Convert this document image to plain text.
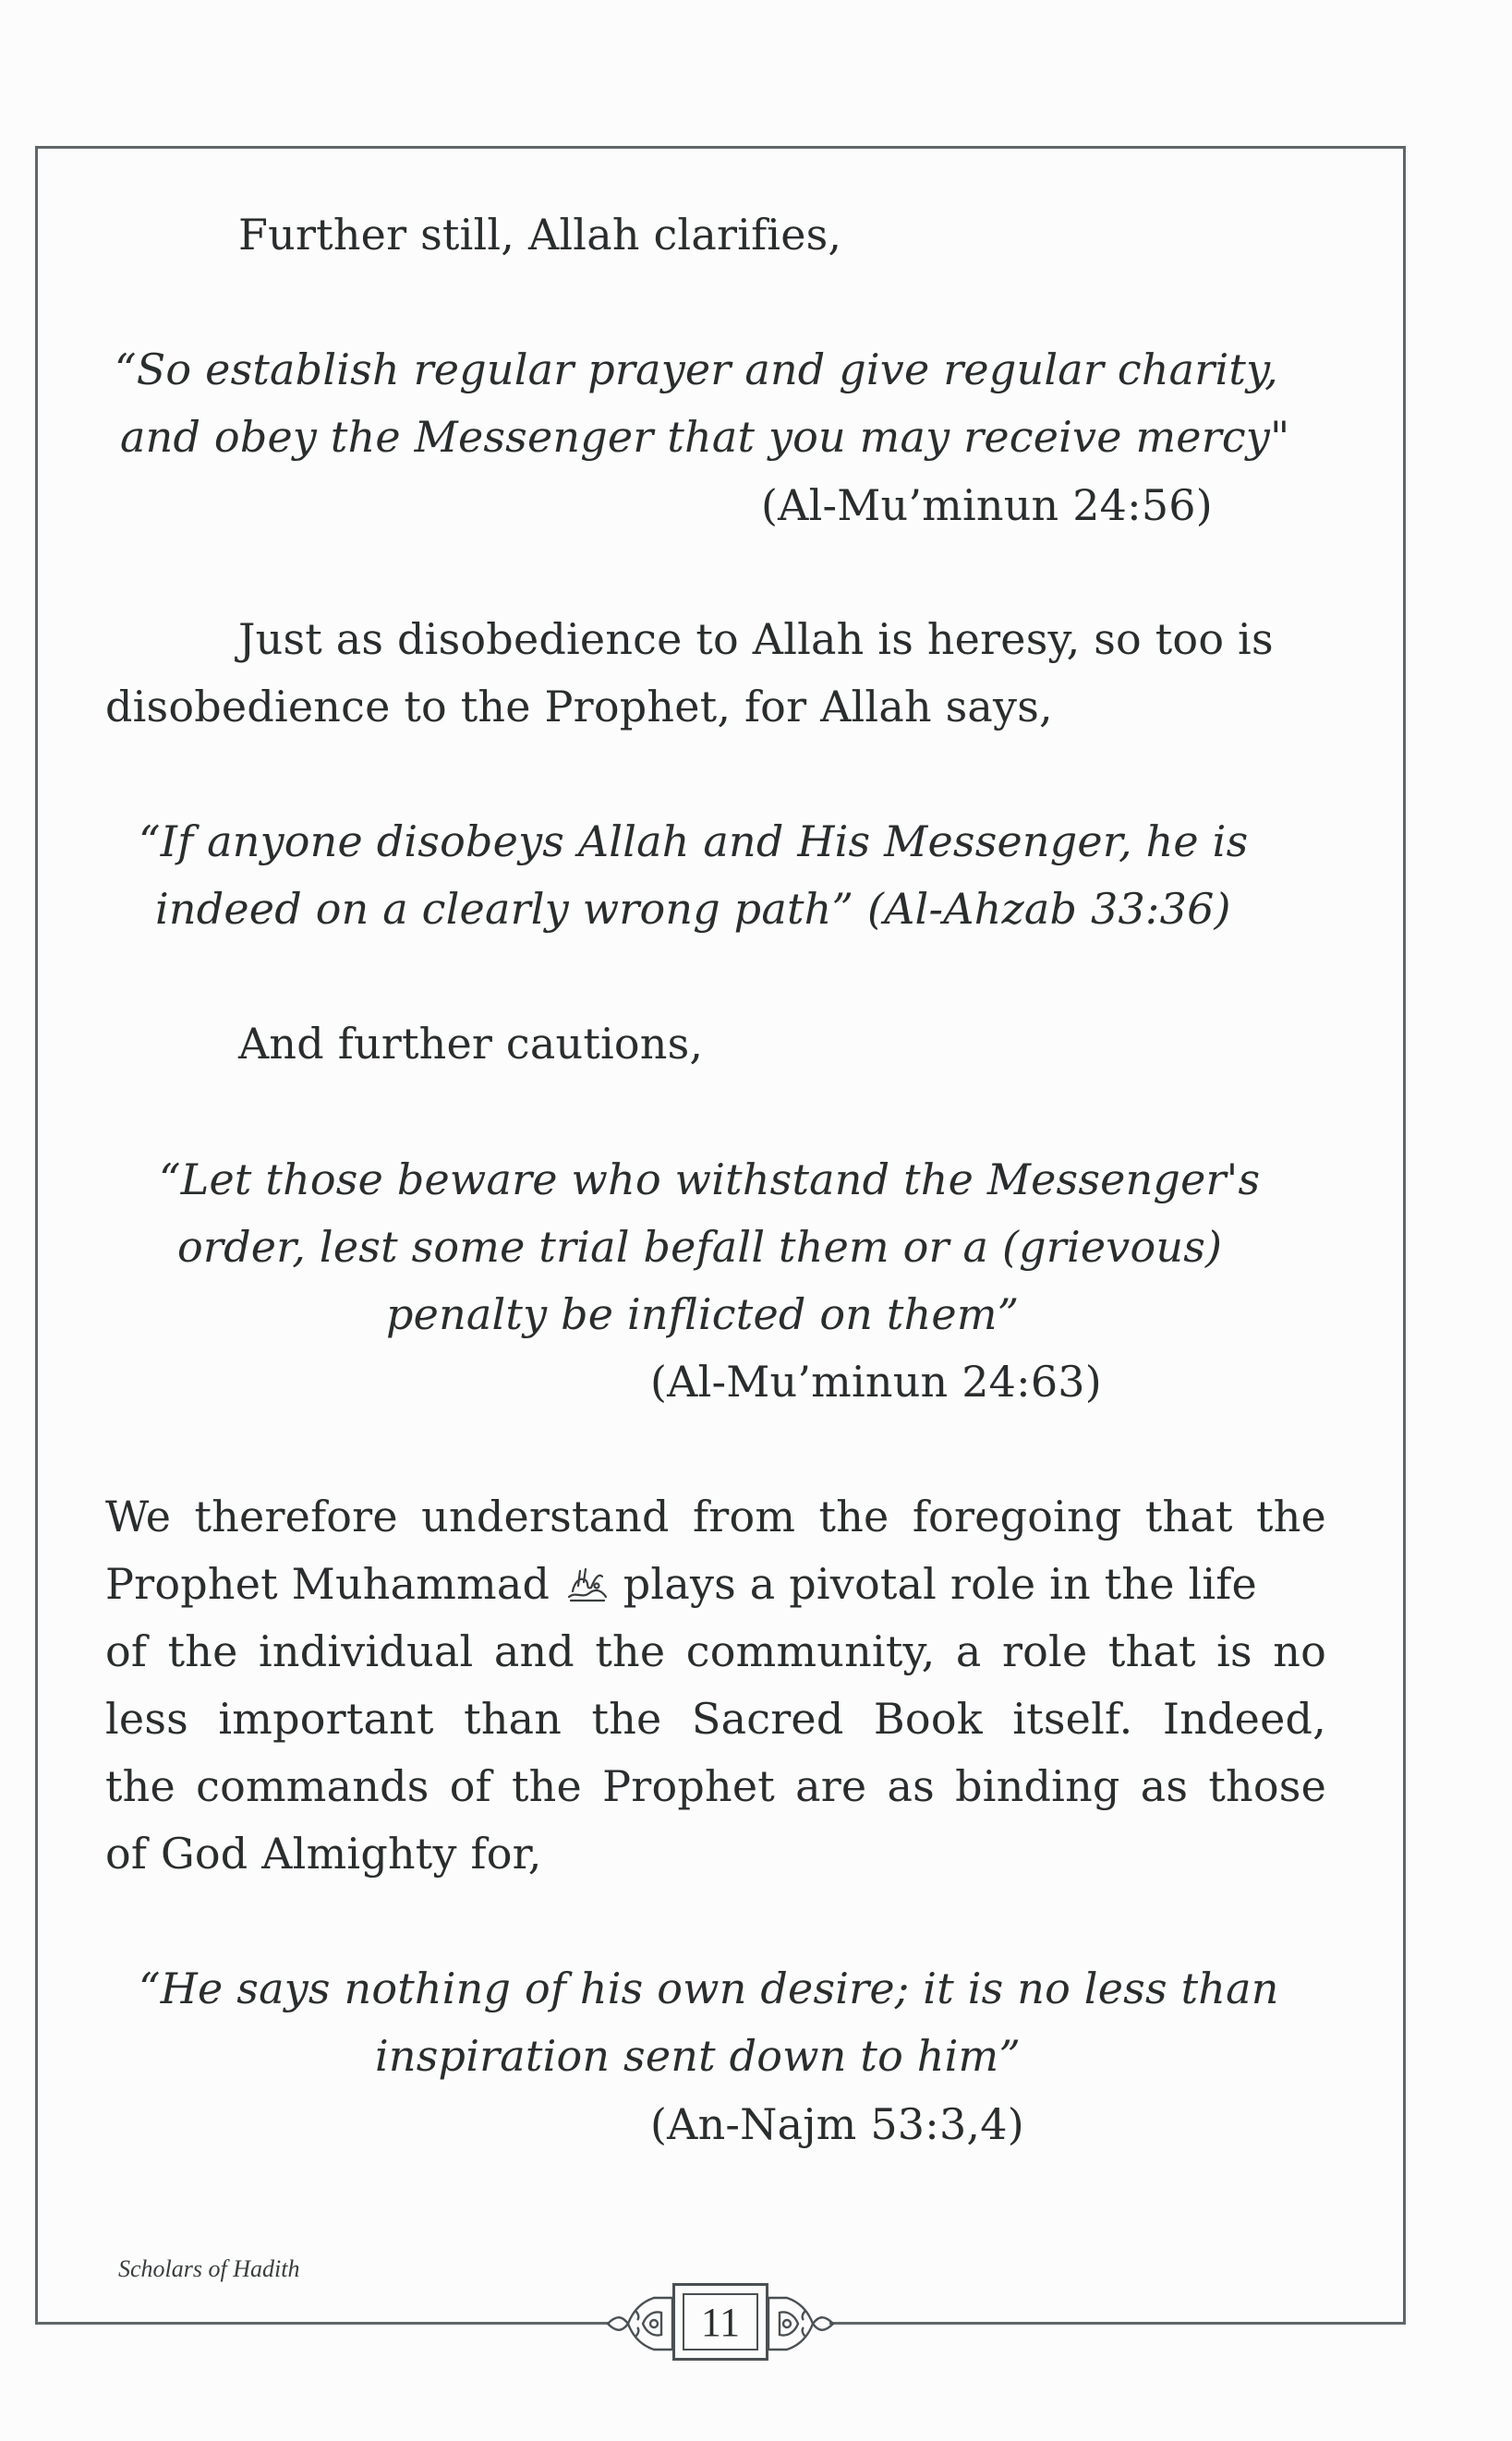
Further still, Allah clarifies,
“So establish regular prayer and give regular charity,
and obey the Messenger that you may receive mercy"
(Al-Mu’minun 24:56)
Just as disobedience to Allah is heresy, so too is
disobedience to the Prophet, for Allah says,
“If anyone disobeys Allah and His Messenger, he is
indeed on a clearly wrong path” (Al-Ahzab 33:36)
And further cautions,
“Let those beware who withstand the Messenger's
order, lest some trial befall them or a (grievous)
penalty be inflicted on them”
(Al-Mu’minun 24:63)
We therefore understand from the foregoing that the
Prophet Muhammad plays a pivotal role in the life
of the individual and the community, a role that is no
less important than the Sacred Book itself. Indeed,
the commands of the Prophet are as binding as those
of God Almighty for,
“He says nothing of his own desire; it is no less than
inspiration sent down to him”
(An-Najm 53:3,4)
Scholars of Hadith
11
